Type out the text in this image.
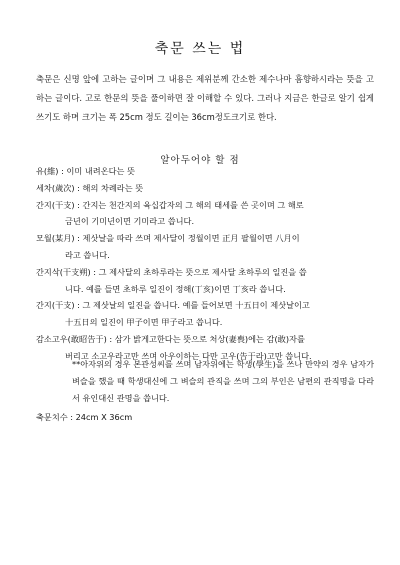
축문 쓰는 법

축문은 신명 앞에 고하는 글이며 그 내용은 제위분께 간소한 제수나마 흠향하시라는 뜻을 고하는 글이다. 고로 한문의 뜻을 풀이하면 잘 이해할 수 있다. 그러나 지금은 한글로 알기 쉽게 쓰기도 하며 크기는 폭 25cm 정도 길이는 36cm정도크기로 한다.

알아두어야 할 점
유(維) : 이미 내려온다는 뜻
세차(歲次) : 해의 차례라는 뜻
간지(干支) : 간지는 천간지의 육십갑자의 그 해의 태세를 쓴 곳이며 그 해로
금년이 기미년이면 기미라고 씁니다.
모월(某月) : 제삿날을 따라 쓰며 제사달이 정월이면 正月 팔월이면 八月이
라고 씁니다.
간지삭(干支朔) : 그 제사달의 초하루라는 뜻으로 제사달 초하루의 일진을 씁
니다. 예를 들면 초하루 일진이 정해(丁亥)이면 丁亥라 씁니다.
간지(干支) : 그 제삿날의 일진을 씁니다. 예를 들어보면 十五日이 제삿날이고
十五日의 일진이 甲子이면 甲子라고 씁니다.
감소고우(敢昭告于) : 삼가 밝게고한다는 뜻으로 처상(妻喪)에는 감(敢)자를
버리고 소고우라고만 쓰며 아우이하는 다만 고우(告于라)고만 씁니다.

**아자위의 경우 본관성씨를 쓰며 남자위에는 학생(學生)을 쓰나 만약의 경우 남자가 벼슬을 했을 때 학생대신에 그 벼슬의 관직을 쓰며 그의 부인은 남편의 관직명을 다라서 유인대신 관명을 씁니다.

축문치수 : 24cm X 36cm
